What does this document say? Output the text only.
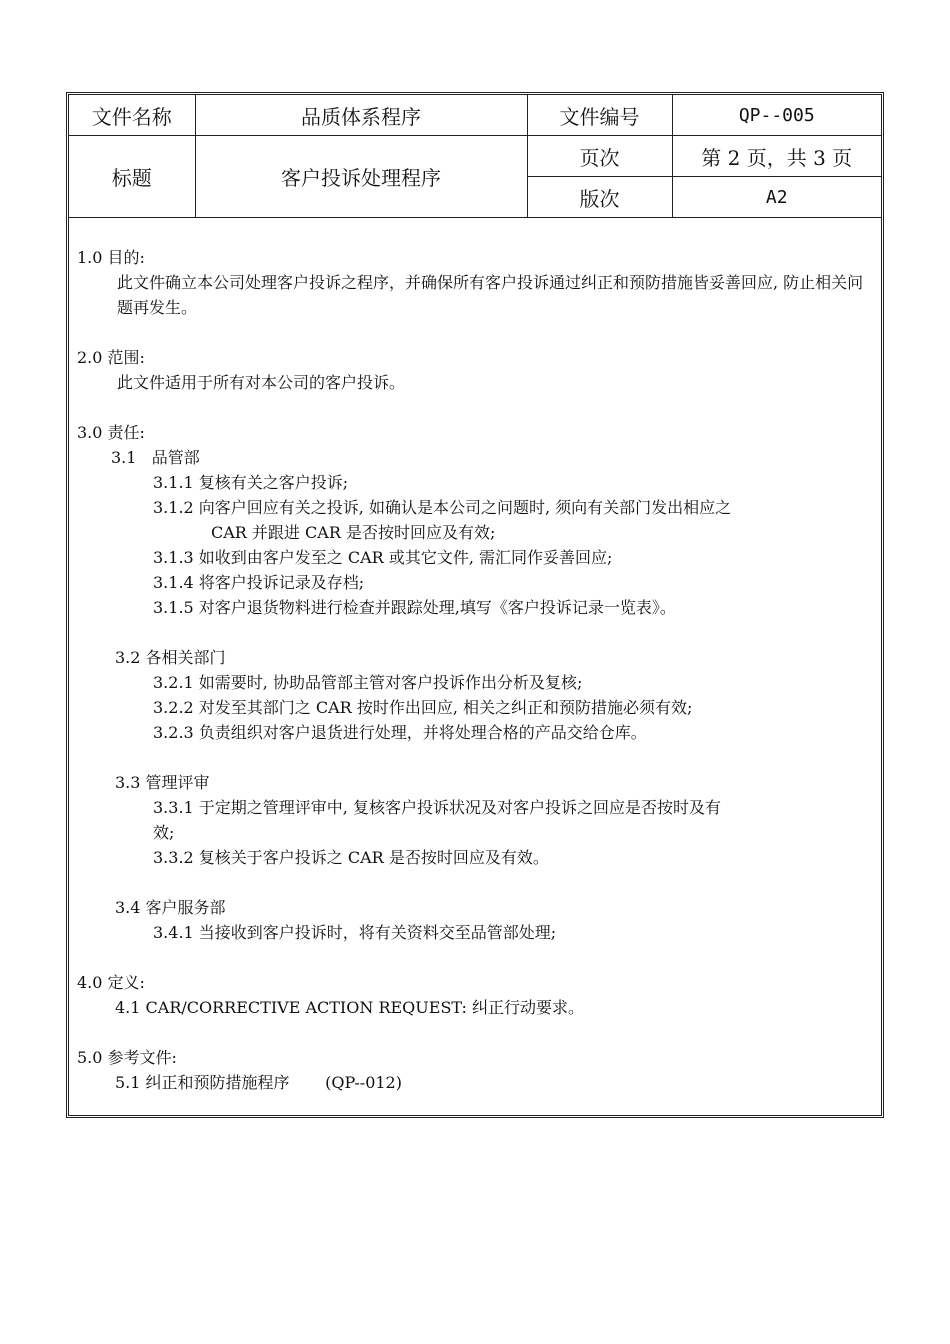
文件名称	品质体系程序	文件编号	QP--005
标题	客户投诉处理程序	页次	第 2 页，共 3 页
		版次	A2
1.0 目的:
此文件确立本公司处理客户投诉之程序，并确保所有客户投诉通过纠正和预防措施皆妥善回应, 防止相关问题再发生。
2.0 范围:
此文件适用于所有对本公司的客户投诉。
3.0 责任:
3.1   品管部
3.1.1 复核有关之客户投诉;
3.1.2 向客户回应有关之投诉, 如确认是本公司之问题时, 须向有关部门发出相应之
CAR 并跟进 CAR 是否按时回应及有效;
3.1.3 如收到由客户发至之 CAR 或其它文件, 需汇同作妥善回应;
3.1.4 将客户投诉记录及存档;
3.1.5 对客户退货物料进行检查并跟踪处理,填写《客户投诉记录一览表》。
3.2 各相关部门
3.2.1 如需要时, 协助品管部主管对客户投诉作出分析及复核;
3.2.2 对发至其部门之 CAR 按时作出回应, 相关之纠正和预防措施必须有效;
3.2.3 负责组织对客户退货进行处理，并将处理合格的产品交给仓库。
3.3 管理评审
3.3.1 于定期之管理评审中, 复核客户投诉状况及对客户投诉之回应是否按时及有
效;
3.3.2 复核关于客户投诉之 CAR 是否按时回应及有效。
3.4 客户服务部
3.4.1 当接收到客户投诉时，将有关资料交至品管部处理;
4.0 定义:
4.1 CAR/CORRECTIVE ACTION REQUEST: 纠正行动要求。
5.0 参考文件:
5.1 纠正和预防措施程序       (QP--012)
